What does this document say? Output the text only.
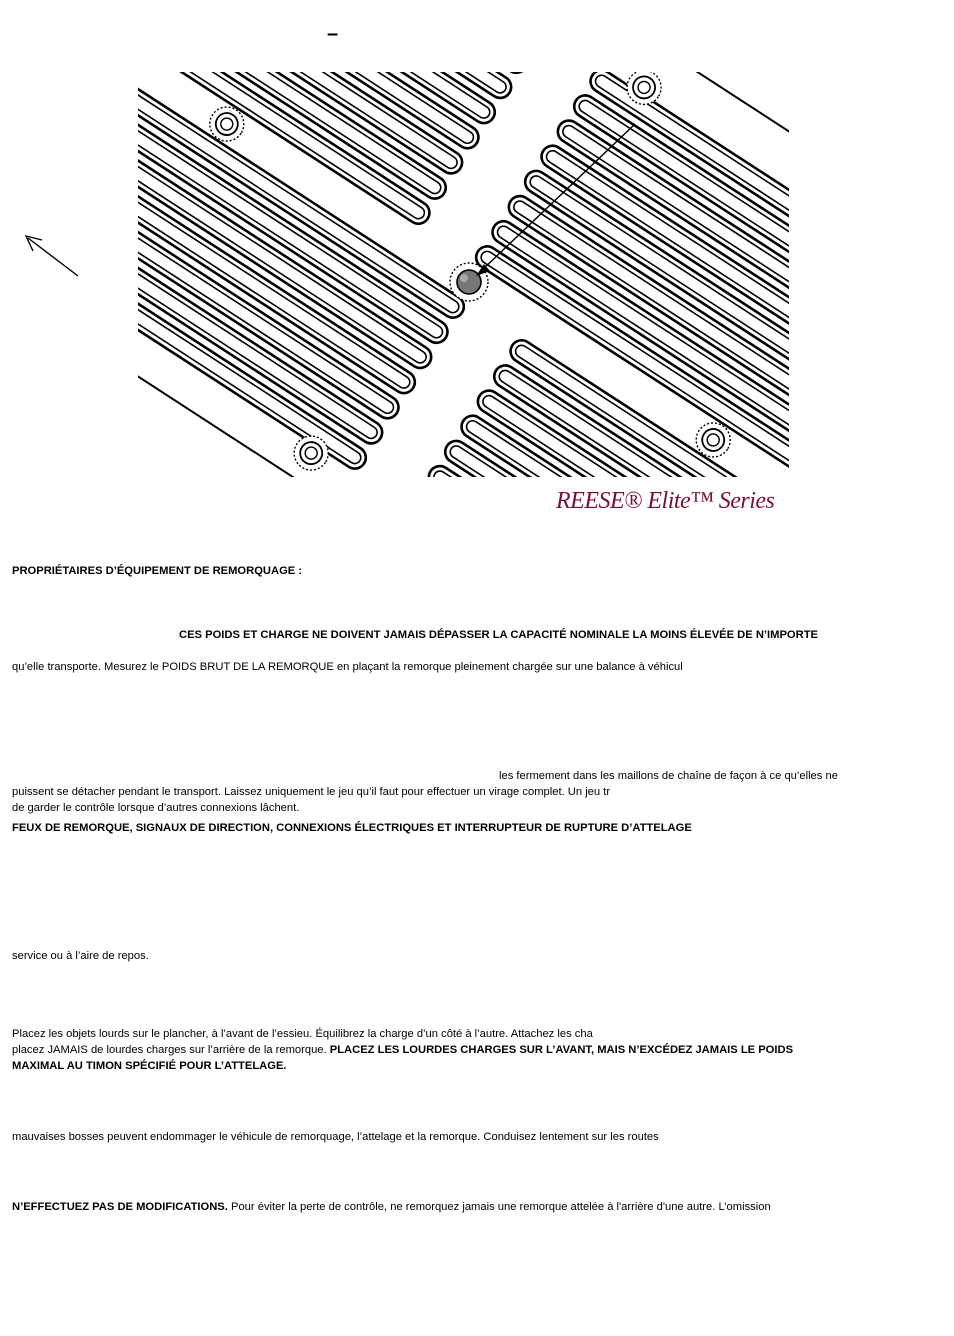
–
REESE® Elite™ Series
PROPRIÉTAIRES D’ÉQUIPEMENT DE REMORQUAGE :
CES POIDS ET CHARGE NE DOIVENT JAMAIS DÉPASSER LA CAPACITÉ NOMINALE LA MOINS ÉLEVÉE DE N’IMPORTE
qu’elle transporte. Mesurez le POIDS BRUT DE LA REMORQUE en plaçant la remorque pleinement chargée sur une balance à véhicul
les fermement dans les maillons de chaîne de façon à ce qu’elles ne
puissent se détacher pendant le transport. Laissez uniquement le jeu qu’il faut pour effectuer un virage complet. Un jeu tr
de garder le contrôle lorsque d’autres connexions lâchent.
FEUX DE REMORQUE, SIGNAUX DE DIRECTION, CONNEXIONS ÉLECTRIQUES ET INTERRUPTEUR DE RUPTURE D’ATTELAGE
service ou à l’aire de repos.
Placez les objets lourds sur le plancher, à l’avant de l’essieu. Équilibrez la charge d’un côté à l’autre. Attachez les cha
placez JAMAIS de lourdes charges sur l’arrière de la remorque. PLACEZ LES LOURDES CHARGES SUR L’AVANT, MAIS N’EXCÉDEZ JAMAIS LE POIDS
MAXIMAL AU TIMON SPÉCIFIÉ POUR L’ATTELAGE.
mauvaises bosses peuvent endommager le véhicule de remorquage, l’attelage et la remorque. Conduisez lentement sur les routes
N’EFFECTUEZ PAS DE MODIFICATIONS. Pour éviter la perte de contrôle, ne remorquez jamais une remorque attelée à l'arrière d'une autre. L’omission
